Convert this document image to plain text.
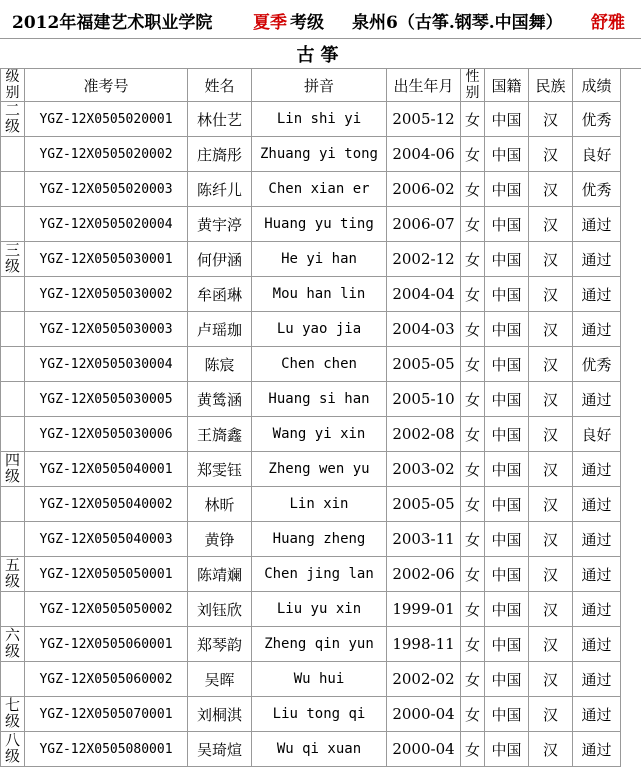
2012年福建艺术职业学院 夏季 考级 泉州6（古筝.钢琴.中国舞） 舒雅
古筝
级别	准考号	姓名	拼音	出生年月	性别	国籍	民族	成绩
二级	YGZ-12X0505020001	林仕艺	Lin shi yi	2005-12	女	中国	汉	优秀
	YGZ-12X0505020002	庄旖彤	Zhuang yi tong	2004-06	女	中国	汉	良好
	YGZ-12X0505020003	陈纤儿	Chen xian er	2006-02	女	中国	汉	优秀
	YGZ-12X0505020004	黄宇渟	Huang yu ting	2006-07	女	中国	汉	通过
三级	YGZ-12X0505030001	何伊涵	He yi han	2002-12	女	中国	汉	通过
	YGZ-12X0505030002	牟函琳	Mou han lin	2004-04	女	中国	汉	通过
	YGZ-12X0505030003	卢瑶珈	Lu yao jia	2004-03	女	中国	汉	通过
	YGZ-12X0505030004	陈宸	Chen chen	2005-05	女	中国	汉	优秀
	YGZ-12X0505030005	黄鸶涵	Huang si han	2005-10	女	中国	汉	通过
	YGZ-12X0505030006	王旖鑫	Wang yi xin	2002-08	女	中国	汉	良好
四级	YGZ-12X0505040001	郑雯钰	Zheng wen yu	2003-02	女	中国	汉	通过
	YGZ-12X0505040002	林昕	Lin xin	2005-05	女	中国	汉	通过
	YGZ-12X0505040003	黄铮	Huang zheng	2003-11	女	中国	汉	通过
五级	YGZ-12X0505050001	陈靖斓	Chen jing lan	2002-06	女	中国	汉	通过
	YGZ-12X0505050002	刘钰欣	Liu yu xin	1999-01	女	中国	汉	通过
六级	YGZ-12X0505060001	郑琴韵	Zheng qin yun	1998-11	女	中国	汉	通过
	YGZ-12X0505060002	吴晖	Wu hui	2002-02	女	中国	汉	通过
七级	YGZ-12X0505070001	刘桐淇	Liu tong qi	2000-04	女	中国	汉	通过
八级	YGZ-12X0505080001	吴琦煊	Wu qi xuan	2000-04	女	中国	汉	通过
